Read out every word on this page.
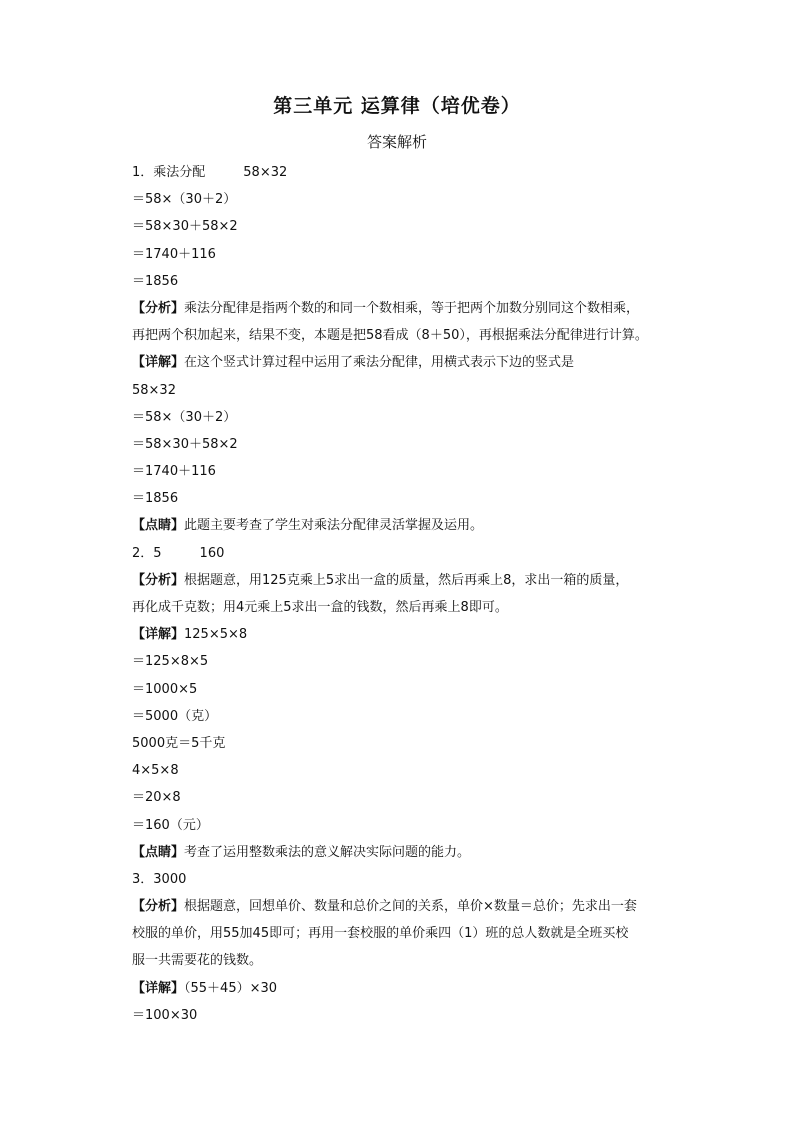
第三单元 运算律（培优卷）
答案解析
1．乘法分配	58×32
＝58×（30＋2）
＝58×30＋58×2
＝1740＋116
＝1856
【分析】乘法分配律是指两个数的和同一个数相乘，等于把两个加数分别同这个数相乘，
再把两个积加起来，结果不变，本题是把58看成（8＋50），再根据乘法分配律进行计算。
【详解】在这个竖式计算过程中运用了乘法分配律，用横式表示下边的竖式是
58×32
＝58×（30＋2）
＝58×30＋58×2
＝1740＋116
＝1856
【点睛】此题主要考查了学生对乘法分配律灵活掌握及运用。
2．5	160
【分析】根据题意，用125克乘上5求出一盒的质量，然后再乘上8，求出一箱的质量，
再化成千克数；用4元乘上5求出一盒的钱数，然后再乘上8即可。
【详解】125×5×8
＝125×8×5
＝1000×5
＝5000（克）
5000克＝5千克
4×5×8
＝20×8
＝160（元）
【点睛】考查了运用整数乘法的意义解决实际问题的能力。
3．3000
【分析】根据题意，回想单价、数量和总价之间的关系，单价×数量＝总价；先求出一套
校服的单价，用55加45即可；再用一套校服的单价乘四（1）班的总人数就是全班买校
服一共需要花的钱数。
【详解】（55＋45）×30
＝100×30
